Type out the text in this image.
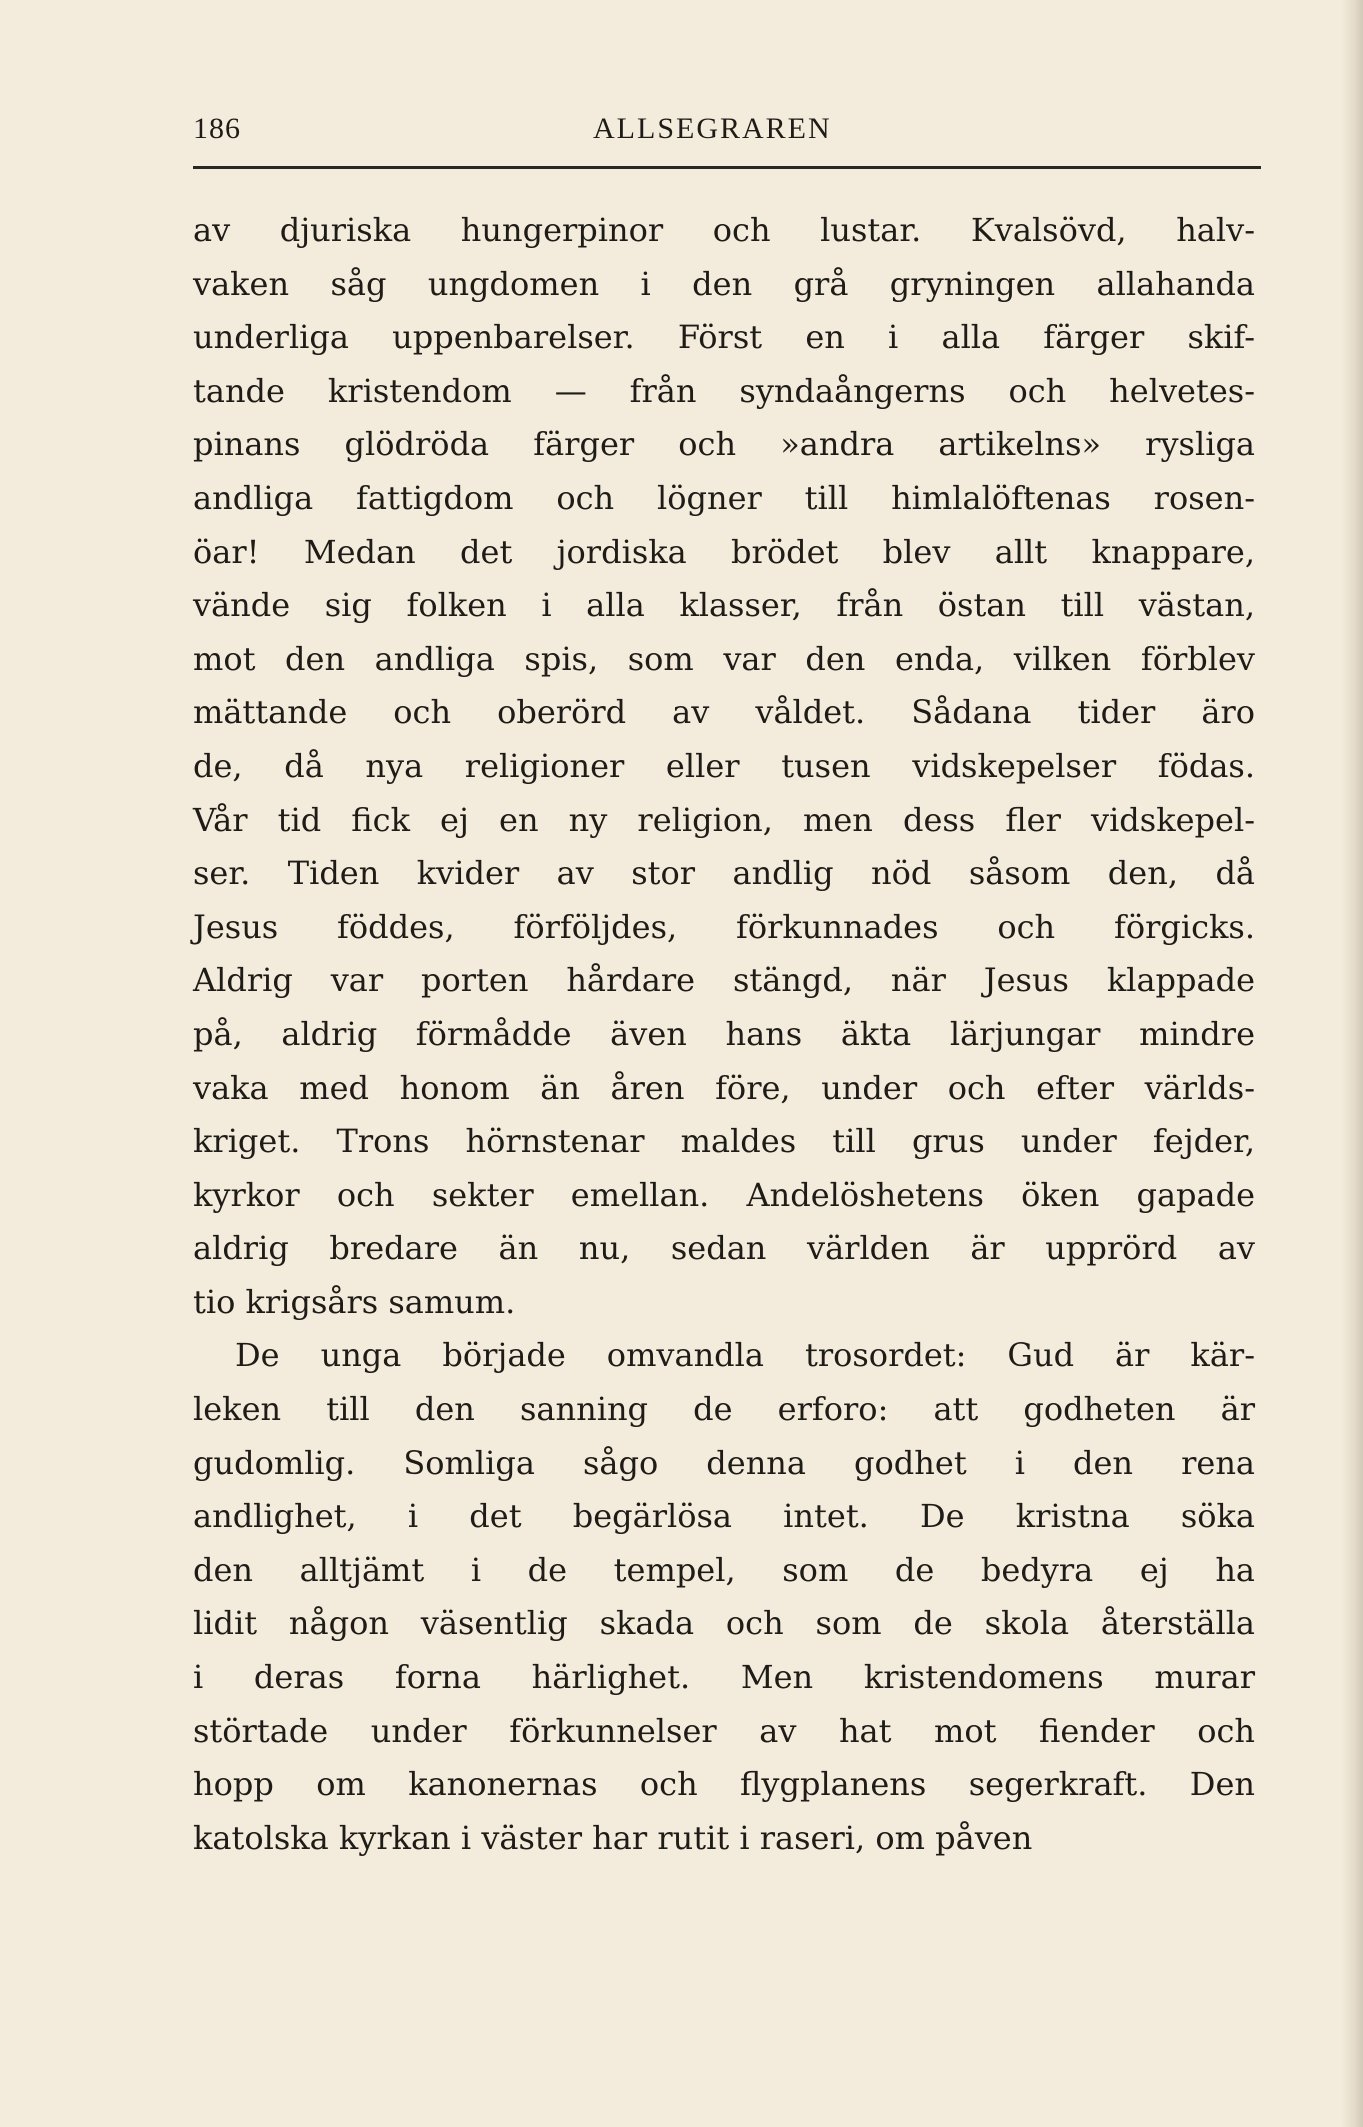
186	ALLSEGRAREN
av djuriska hungerpinor och lustar. Kvalsövd, halv-
vaken såg ungdomen i den grå gryningen allahanda
underliga uppenbarelser. Först en i alla färger skif-
tande kristendom — från syndaångerns och helvetes-
pinans glödröda färger och »andra artikelns» rysliga
andliga fattigdom och lögner till himlalöftenas rosen-
öar! Medan det jordiska brödet blev allt knappare,
vände sig folken i alla klasser, från östan till västan,
mot den andliga spis, som var den enda, vilken förblev
mättande och oberörd av våldet. Sådana tider äro
de, då nya religioner eller tusen vidskepelser födas.
Vår tid fick ej en ny religion, men dess fler vidskepel-
ser. Tiden kvider av stor andlig nöd såsom den, då
Jesus föddes, förföljdes, förkunnades och förgicks.
Aldrig var porten hårdare stängd, när Jesus klappade
på, aldrig förmådde även hans äkta lärjungar mindre
vaka med honom än åren före, under och efter världs-
kriget. Trons hörnstenar maldes till grus under fejder,
kyrkor och sekter emellan. Andelöshetens öken gapade
aldrig bredare än nu, sedan världen är upprörd av
tio krigsårs samum.
De unga började omvandla trosordet: Gud är kär-
leken till den sanning de erforo: att godheten är
gudomlig. Somliga sågo denna godhet i den rena
andlighet, i det begärlösa intet. De kristna söka
den alltjämt i de tempel, som de bedyra ej ha
lidit någon väsentlig skada och som de skola återställa
i deras forna härlighet. Men kristendomens murar
störtade under förkunnelser av hat mot fiender och
hopp om kanonernas och flygplanens segerkraft. Den
katolska kyrkan i väster har rutit i raseri, om påven
